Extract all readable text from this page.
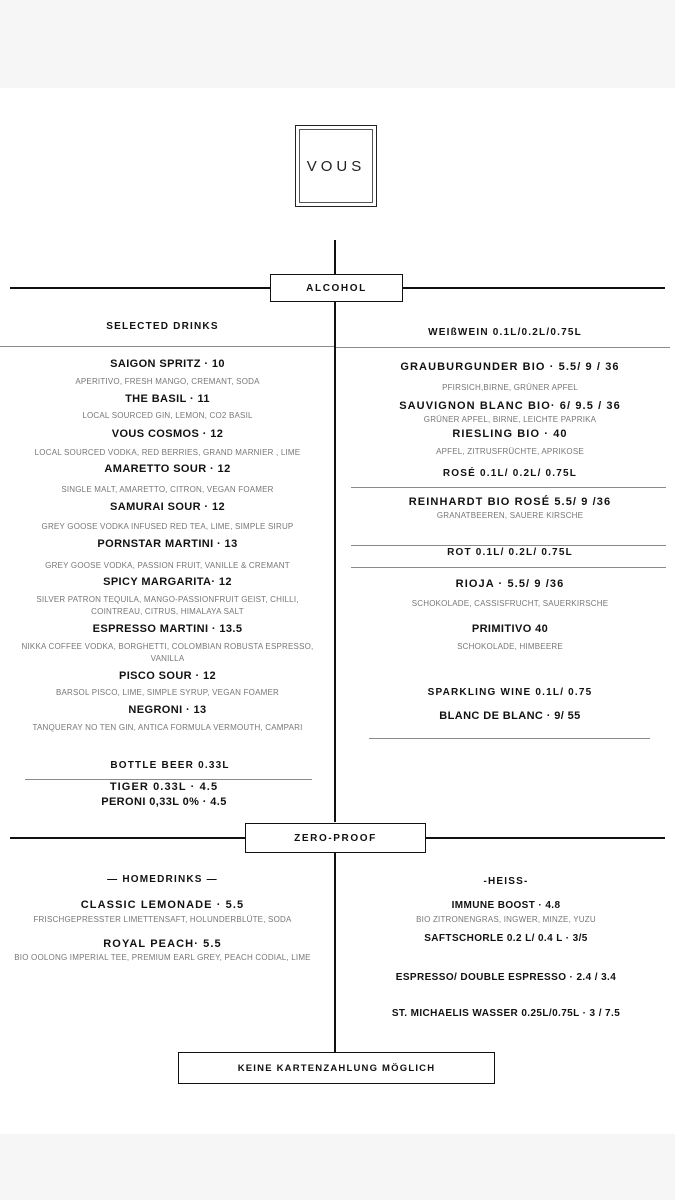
VOUS
ALCOHOL
ZERO-PROOF
SELECTED DRINKS
SAIGON SPRITZ · 10
APERITIVO, FRESH MANGO, CREMANT, SODA
THE BASIL · 11
LOCAL SOURCED GIN, LEMON, CO2 BASIL
VOUS COSMOS · 12
LOCAL SOURCED VODKA, RED BERRIES, GRAND MARNIER , LIME
AMARETTO SOUR · 12
SINGLE MALT, AMARETTO, CITRON, VEGAN FOAMER
SAMURAI SOUR · 12
GREY GOOSE VODKA INFUSED RED TEA, LIME, SIMPLE SIRUP
PORNSTAR MARTINI · 13
GREY GOOSE VODKA, PASSION FRUIT, VANILLE & CREMANT
SPICY MARGARITA· 12
SILVER PATRON TEQUILA, MANGO-PASSIONFRUIT GEIST, CHILLI,
COINTREAU, CITRUS, HIMALAYA SALT
ESPRESSO MARTINI · 13.5
NIKKA COFFEE VODKA, BORGHETTI, COLOMBIAN ROBUSTA ESPRESSO,
VANILLA
PISCO SOUR · 12
BARSOL PISCO, LIME, SIMPLE SYRUP, VEGAN FOAMER
NEGRONI · 13
TANQUERAY NO TEN GIN, ANTICA FORMULA VERMOUTH, CAMPARI
BOTTLE BEER 0.33L
TIGER 0.33L · 4.5
PERONI 0,33L 0% · 4.5
WEIßWEIN 0.1L/0.2L/0.75L
GRAUBURGUNDER BIO · 5.5/ 9 / 36
PFIRSICH,BIRNE, GRÜNER APFEL
SAUVIGNON BLANC BIO· 6/ 9.5 / 36
GRÜNER APFEL, BIRNE, LEICHTE PAPRIKA
RIESLING BIO · 40
APFEL, ZITRUSFRÜCHTE, APRIKOSE
ROSÉ 0.1L/ 0.2L/ 0.75L
REINHARDT BIO ROSÉ 5.5/ 9 /36
GRANATBEEREN, SAUERE KIRSCHE
ROT 0.1L/ 0.2L/ 0.75L
RIOJA · 5.5/ 9 /36
SCHOKOLADE, CASSISFRUCHT, SAUERKIRSCHE
PRIMITIVO 40
SCHOKOLADE, HIMBEERE
SPARKLING WINE 0.1L/ 0.75
BLANC DE BLANC · 9/ 55
— HOMEDRINKS —
CLASSIC LEMONADE · 5.5
FRISCHGEPRESSTER LIMETTENSAFT, HOLUNDERBLÜTE, SODA
ROYAL PEACH· 5.5
BIO OOLONG IMPERIAL TEE, PREMIUM EARL GREY, PEACH CODIAL, LIME
-HEISS-
IMMUNE BOOST · 4.8
BIO ZITRONENGRAS, INGWER, MINZE, YUZU
SAFTSCHORLE 0.2 L/ 0.4 L · 3/5
ESPRESSO/ DOUBLE ESPRESSO · 2.4 / 3.4
ST. MICHAELIS WASSER 0.25L/0.75L · 3 / 7.5
KEINE KARTENZAHLUNG MÖGLICH
